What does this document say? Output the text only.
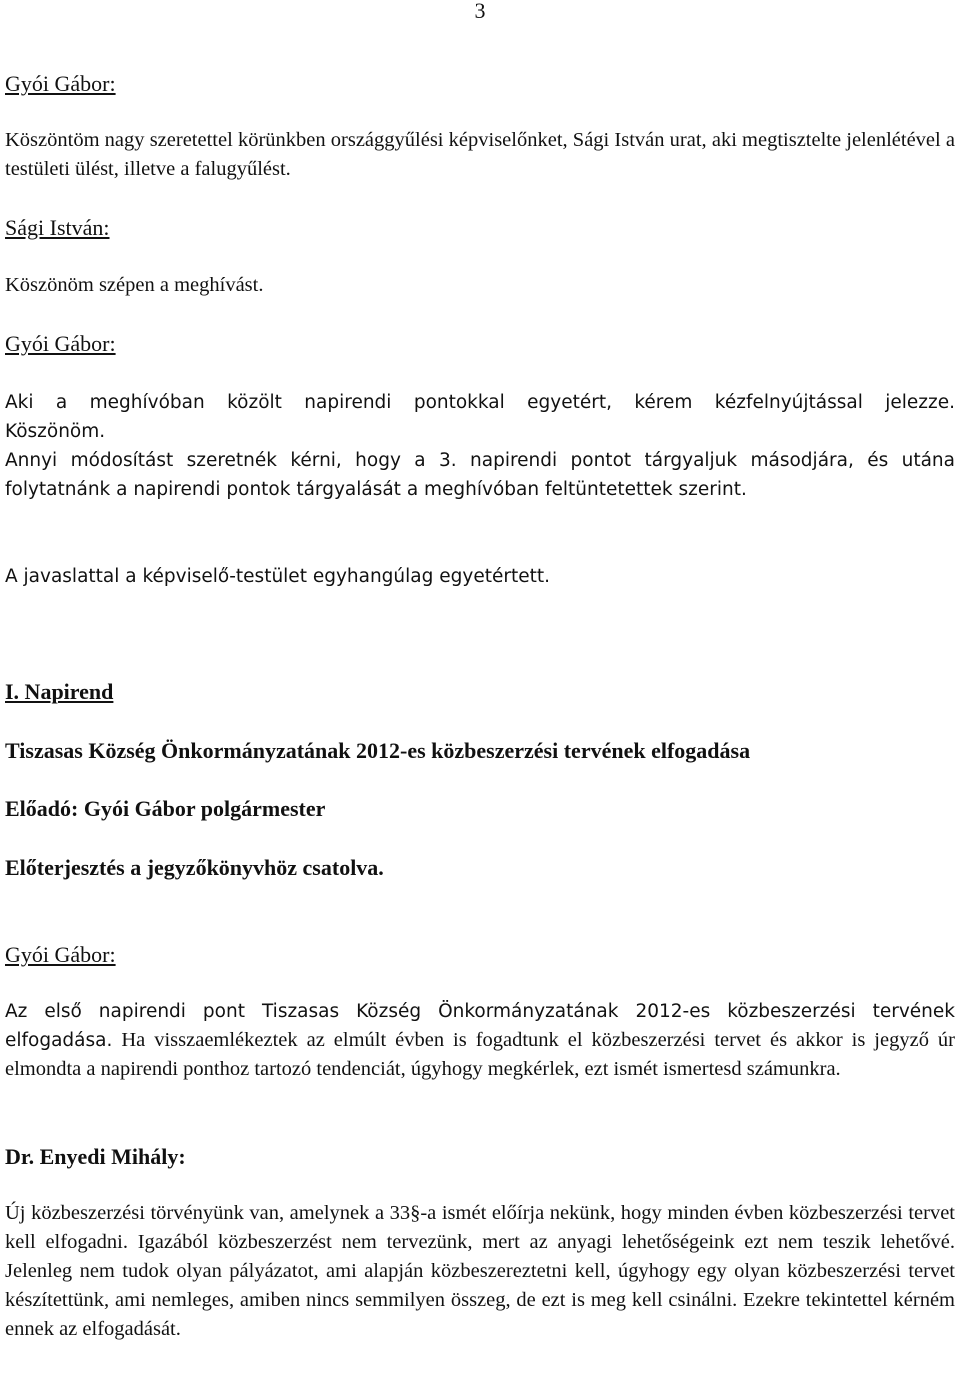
3

Gyói Gábor:

Köszöntöm nagy szeretettel körünkben országgyűlési képviselőnket, Sági István urat, aki megtisztelte jelenlétével a testületi ülést, illetve a falugyűlést.

Sági István:

Köszönöm szépen a meghívást.

Gyói Gábor:

Aki a meghívóban közölt napirendi pontokkal egyetért, kérem kézfelnyújtással jelezze.
Köszönöm.

Annyi módosítást szeretnék kérni, hogy a 3. napirendi pontot tárgyaljuk másodjára, és utána folytatnánk a napirendi pontok tárgyalását a meghívóban feltüntetettek szerint.

A javaslattal a képviselő-testület egyhangúlag egyetértett.

I. Napirend

Tiszasas Község Önkormányzatának 2012-es közbeszerzési tervének elfogadása

Előadó: Gyói Gábor polgármester

Előterjesztés a jegyzőkönyvhöz csatolva.

Gyói Gábor:

Az első napirendi pont Tiszasas Község Önkormányzatának 2012-es közbeszerzési tervének elfogadása. Ha visszaemlékeztek az elmúlt évben is fogadtunk el közbeszerzési tervet és akkor is jegyző úr elmondta a napirendi ponthoz tartozó tendenciát, úgyhogy megkérlek, ezt ismét ismertesd számunkra.

Dr. Enyedi Mihály:

Új közbeszerzési törvényünk van, amelynek a 33§-a ismét előírja nekünk, hogy minden évben közbeszerzési tervet kell elfogadni. Igazából közbeszerzést nem tervezünk, mert az anyagi lehetőségeink ezt nem teszik lehetővé. Jelenleg nem tudok olyan pályázatot, ami alapján közbeszereztetni kell, úgyhogy egy olyan közbeszerzési tervet készítettünk, ami nemleges, amiben nincs semmilyen összeg, de ezt is meg kell csinálni. Ezekre tekintettel kérném ennek az elfogadását.
